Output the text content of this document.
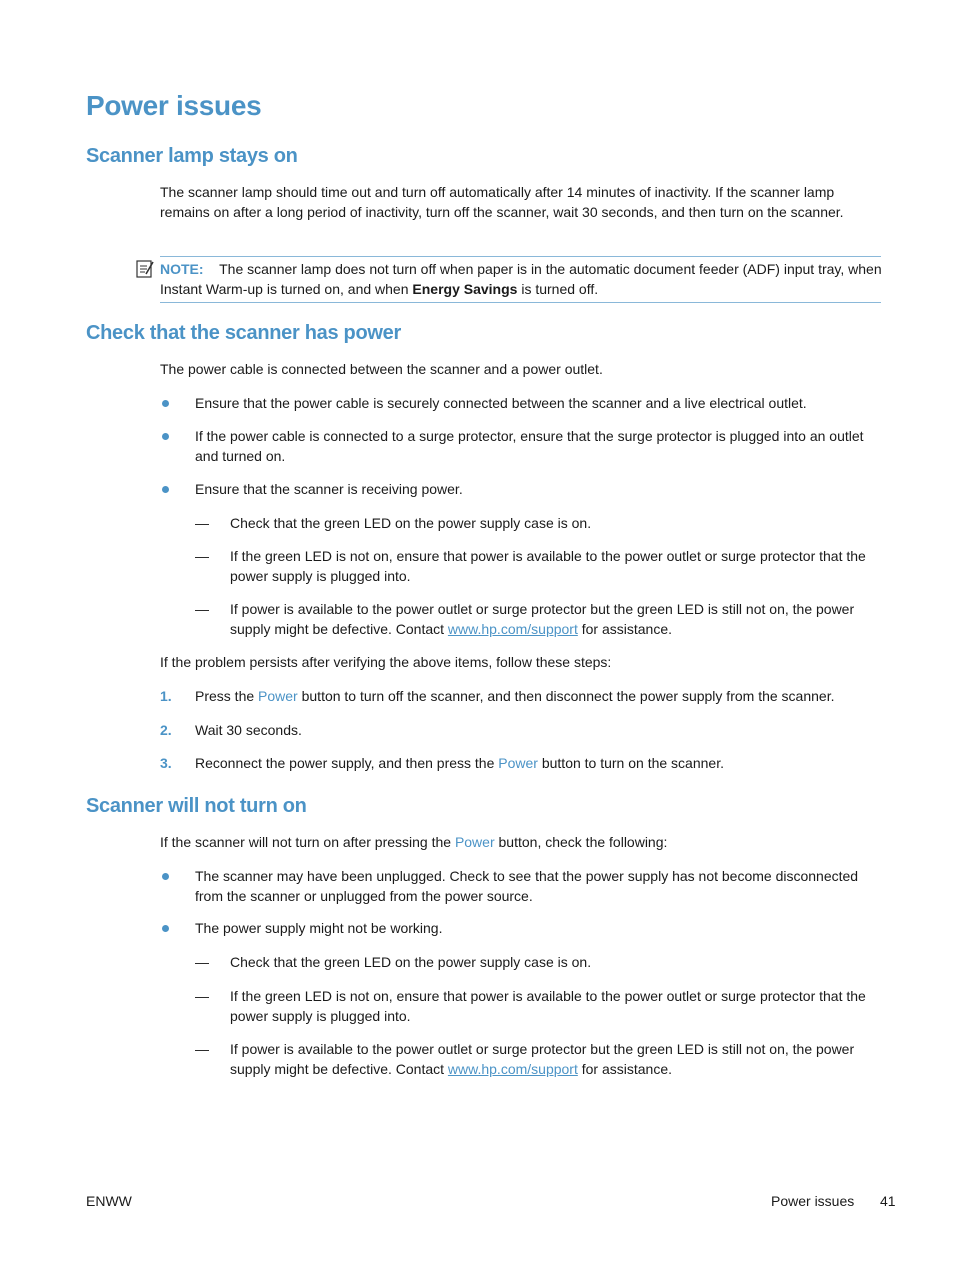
Power issues
Scanner lamp stays on

The scanner lamp should time out and turn off automatically after 14 minutes of inactivity. If the scanner lamp remains on after a long period of inactivity, turn off the scanner, wait 30 seconds, and then turn on the scanner.

NOTE: The scanner lamp does not turn off when paper is in the automatic document feeder (ADF) input tray, when Instant Warm-up is turned on, and when Energy Savings is turned off.

Check that the scanner has power

The power cable is connected between the scanner and a power outlet.

Ensure that the power cable is securely connected between the scanner and a live electrical outlet.

If the power cable is connected to a surge protector, ensure that the surge protector is plugged into an outlet and turned on.

Ensure that the scanner is receiving power.

— Check that the green LED on the power supply case is on.

— If the green LED is not on, ensure that power is available to the power outlet or surge protector that the power supply is plugged into.

— If power is available to the power outlet or surge protector but the green LED is still not on, the power supply might be defective. Contact www.hp.com/support for assistance.

If the problem persists after verifying the above items, follow these steps:

1. Press the Power button to turn off the scanner, and then disconnect the power supply from the scanner.

2. Wait 30 seconds.

3. Reconnect the power supply, and then press the Power button to turn on the scanner.

Scanner will not turn on

If the scanner will not turn on after pressing the Power button, check the following:

The scanner may have been unplugged. Check to see that the power supply has not become disconnected from the scanner or unplugged from the power source.

The power supply might not be working.

— Check that the green LED on the power supply case is on.

— If the green LED is not on, ensure that power is available to the power outlet or surge protector that the power supply is plugged into.

— If power is available to the power outlet or surge protector but the green LED is still not on, the power supply might be defective. Contact www.hp.com/support for assistance.

ENWW	Power issues 41
